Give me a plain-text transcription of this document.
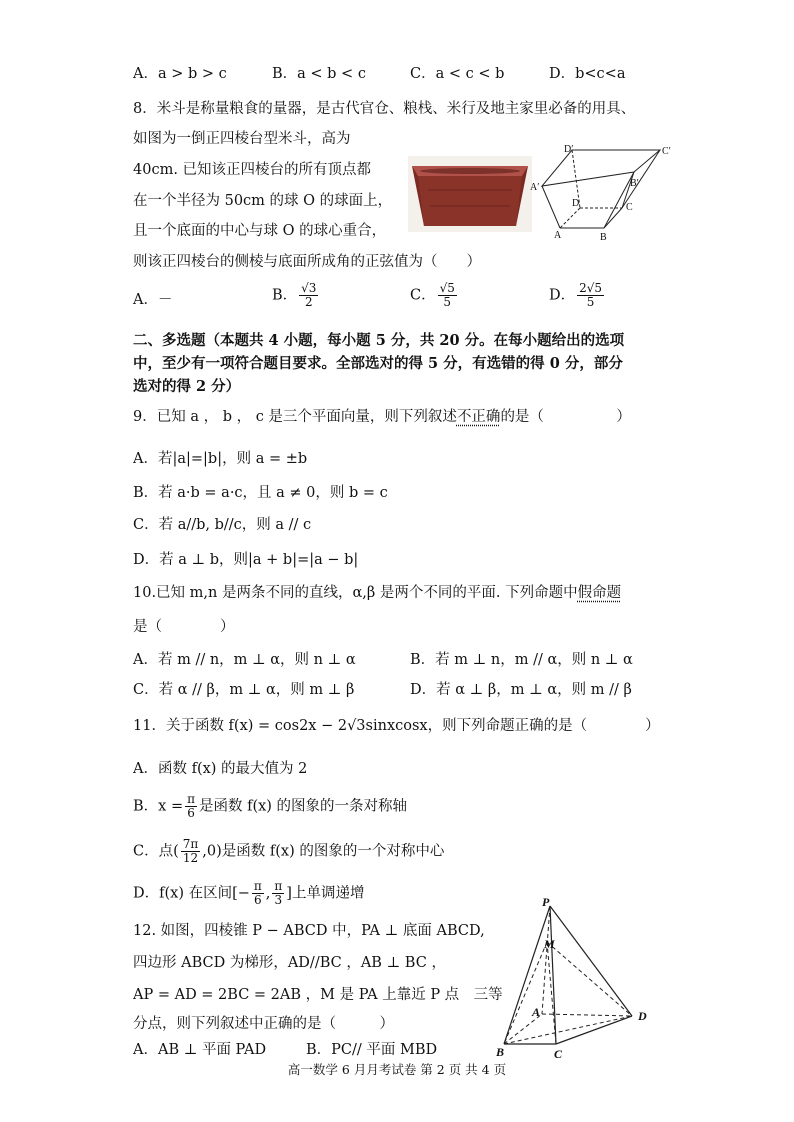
A．a > b > c	B．a < b < c	C．a < c < b	D．b<c<a
8．米斗是称量粮食的量器，是古代官仓、粮栈、米行及地主家里必备的用具、
如图为一倒正四棱台型米斗，高为
40cm. 已知该正四棱台的所有顶点都
在一个半径为 50cm 的球 O 的球面上，
且一个底面的中心与球 O 的球心重合，
则该正四棱台的侧棱与底面所成角的正弦值为（　　）
D′	C′
A′	B′
D	C
A	B
A．－	B． $\frac{√3}{2}$	C． $\frac{√5}{5}$	D． $\frac{2√5}{5}$
二、多选题（本题共 4 小题，每小题 5 分，共 20 分。在每小题给出的选项
中，至少有一项符合题目要求。全部选对的得 5 分，有选错的得 0 分，部分
选对的得 2 分）
9．已知 a ， b ， c 是三个平面向量，则下列叙述不正确的是（　　　　　）
A．若|a|=|b|，则 a = ±b
B．若 a·b = a·c，且 a ≠ 0，则 b = c
C．若 a//b, b//c，则 a // c
D．若 a ⊥ b，则|a + b|=|a − b|
10.已知 m,n 是两条不同的直线，α,β 是两个不同的平面. 下列命题中假命题
是（　　　　）
A．若 m // n，m ⊥ α，则 n ⊥ α	B．若 m ⊥ n，m // α，则 n ⊥ α
C．若 α // β，m ⊥ α，则 m ⊥ β	D．若 α ⊥ β，m ⊥ α，则 m // β
11．关于函数 f(x) = cos2x − 2√3sinxcosx，则下列命题正确的是（　　　　）
A．函数 f(x) 的最大值为 2
B．$x = \frac{\pi}{6}$ 是函数 f(x) 的图象的一条对称轴
C．点( $\frac{7\pi}{12} ,0$)是函数 f(x) 的图象的一个对称中心
D．f(x) 在区间[− $\frac{\pi}{6}$ , $\frac{\pi}{3}$ ]上单调递增
12. 如图，四棱锥 P − ABCD 中，PA ⊥ 底面 ABCD,
四边形 ABCD 为梯形，AD//BC ，AB ⊥ BC ，
AP = AD = 2BC = 2AB ，M 是 PA 上靠近 P 点　三等
分点，则下列叙述中正确的是（　　　）
A．AB ⊥ 平面 PAD	B．PC// 平面 MBD
P
M
A	D
B	C
高一数学 6 月月考试卷 第 2 页 共 4 页
